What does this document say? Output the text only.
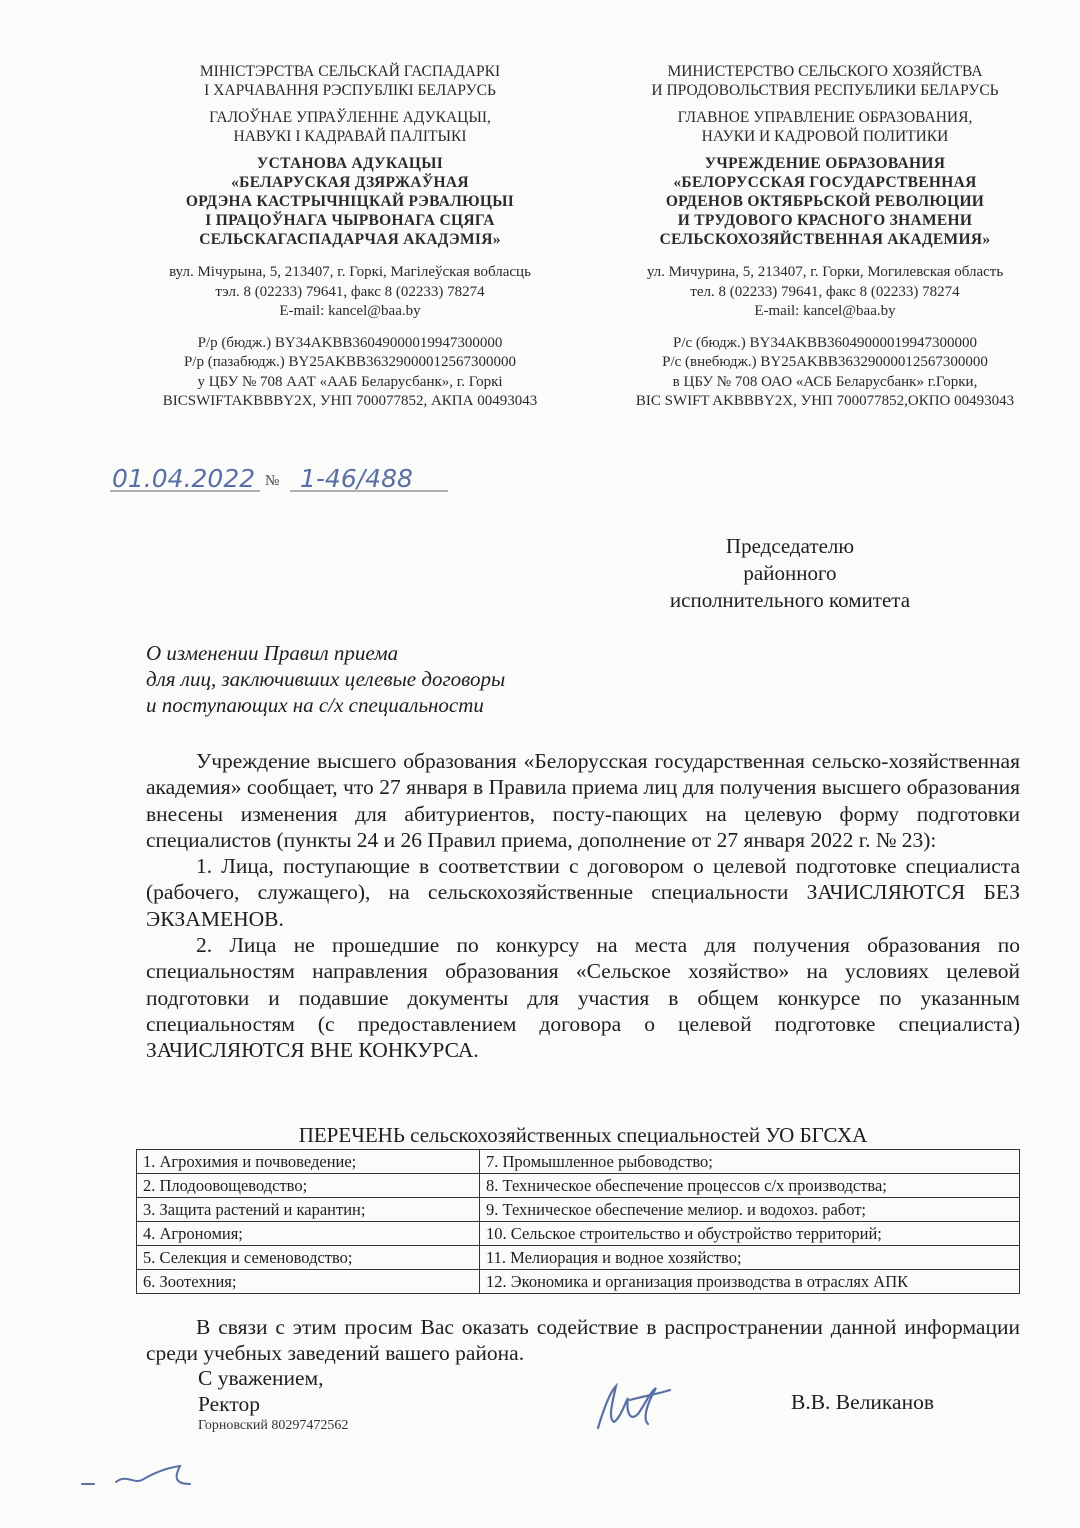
МІНІСТЭРСТВА СЕЛЬСКАЙ ГАСПАДАРКІ
І ХАРЧАВАННЯ РЭСПУБЛІКІ БЕЛАРУСЬ
ГАЛОЎНАЕ УПРАЎЛЕННЕ АДУКАЦЫІ,
НАВУКІ І КАДРАВАЙ ПАЛІТЫКІ
УСТАНОВА АДУКАЦЫІ
«БЕЛАРУСКАЯ ДЗЯРЖАЎНАЯ
ОРДЭНА КАСТРЫЧНІЦКАЙ РЭВАЛЮЦЫІ
І ПРАЦОЎНАГА ЧЫРВОНАГА СЦЯГА
СЕЛЬСКАГАСПАДАРЧАЯ АКАДЭМІЯ»
вул. Мічурына, 5, 213407, г. Горкі, Магілеўская вобласць
тэл. 8 (02233) 79641, факс 8 (02233) 78274
E-mail: kancel@baa.by
Р/р (бюдж.) BY34AKBB36049000019947300000
Р/р (пазабюдж.) BY25AKBB36329000012567300000
у ЦБУ № 708 ААТ «ААБ Беларусбанк», г. Горкі
BICSWIFTAKBBBY2X, УНП 700077852, АКПА 00493043
МИНИСТЕРСТВО СЕЛЬСКОГО ХОЗЯЙСТВА
И ПРОДОВОЛЬСТВИЯ РЕСПУБЛИКИ БЕЛАРУСЬ
ГЛАВНОЕ УПРАВЛЕНИЕ ОБРАЗОВАНИЯ,
НАУКИ И КАДРОВОЙ ПОЛИТИКИ
УЧРЕЖДЕНИЕ ОБРАЗОВАНИЯ
«БЕЛОРУССКАЯ ГОСУДАРСТВЕННАЯ
ОРДЕНОВ ОКТЯБРЬСКОЙ РЕВОЛЮЦИИ
И ТРУДОВОГО КРАСНОГО ЗНАМЕНИ
СЕЛЬСКОХОЗЯЙСТВЕННАЯ АКАДЕМИЯ»
ул. Мичурина, 5, 213407, г. Горки, Могилевская область
тел. 8 (02233) 79641, факс 8 (02233) 78274
E-mail: kancel@baa.by
Р/с (бюдж.) BY34AKBB36049000019947300000
Р/с (внебюдж.) BY25AKBB36329000012567300000
в ЦБУ № 708 ОАО «АСБ Беларусбанк» г.Горки,
BIC SWIFT AKBBBY2X, УНП 700077852,ОКПО 00493043
01.04.2022 № 1-46/488
Председателю
районного
исполнительного комитета
О изменении Правил приема
для лиц, заключивших целевые договоры
и поступающих на с/х специальности

Учреждение высшего образования «Белорусская государственная сельско-хозяйственная академия» сообщает, что 27 января в Правила приема лиц для получения высшего образования внесены изменения для абитуриентов, посту-пающих на целевую форму подготовки специалистов (пункты 24 и 26 Правил приема, дополнение от 27 января 2022 г. № 23):

1. Лица, поступающие в соответствии с договором о целевой подготовке специалиста (рабочего, служащего), на сельскохозяйственные специальности ЗАЧИСЛЯЮТСЯ БЕЗ ЭКЗАМЕНОВ.

2. Лица не прошедшие по конкурсу на места для получения образования по специальностям направления образования «Сельское хозяйство» на условиях целевой подготовки и подавшие документы для участия в общем конкурсе по указанным специальностям (с предоставлением договора о целевой подготовке специалиста) ЗАЧИСЛЯЮТСЯ ВНЕ КОНКУРСА.

ПЕРЕЧЕНЬ сельскохозяйственных специальностей УО БГСХА
1. Агрохимия и почвоведение;	7. Промышленное рыбоводство;
2. Плодоовощеводство;	8. Техническое обеспечение процессов с/х производства;
3. Защита растений и карантин;	9. Техническое обеспечение мелиор. и водохоз. работ;
4. Агрономия;	10. Сельское строительство и обустройство территорий;
5. Селекция и семеноводство;	11. Мелиорация и водное хозяйство;
6. Зоотехния;	12. Экономика и организация производства в отраслях АПК

В связи с этим просим Вас оказать содействие в распространении данной информации среди учебных заведений вашего района.

С уважением,
Ректор
Горновский 80297472562
В.В. Великанов
